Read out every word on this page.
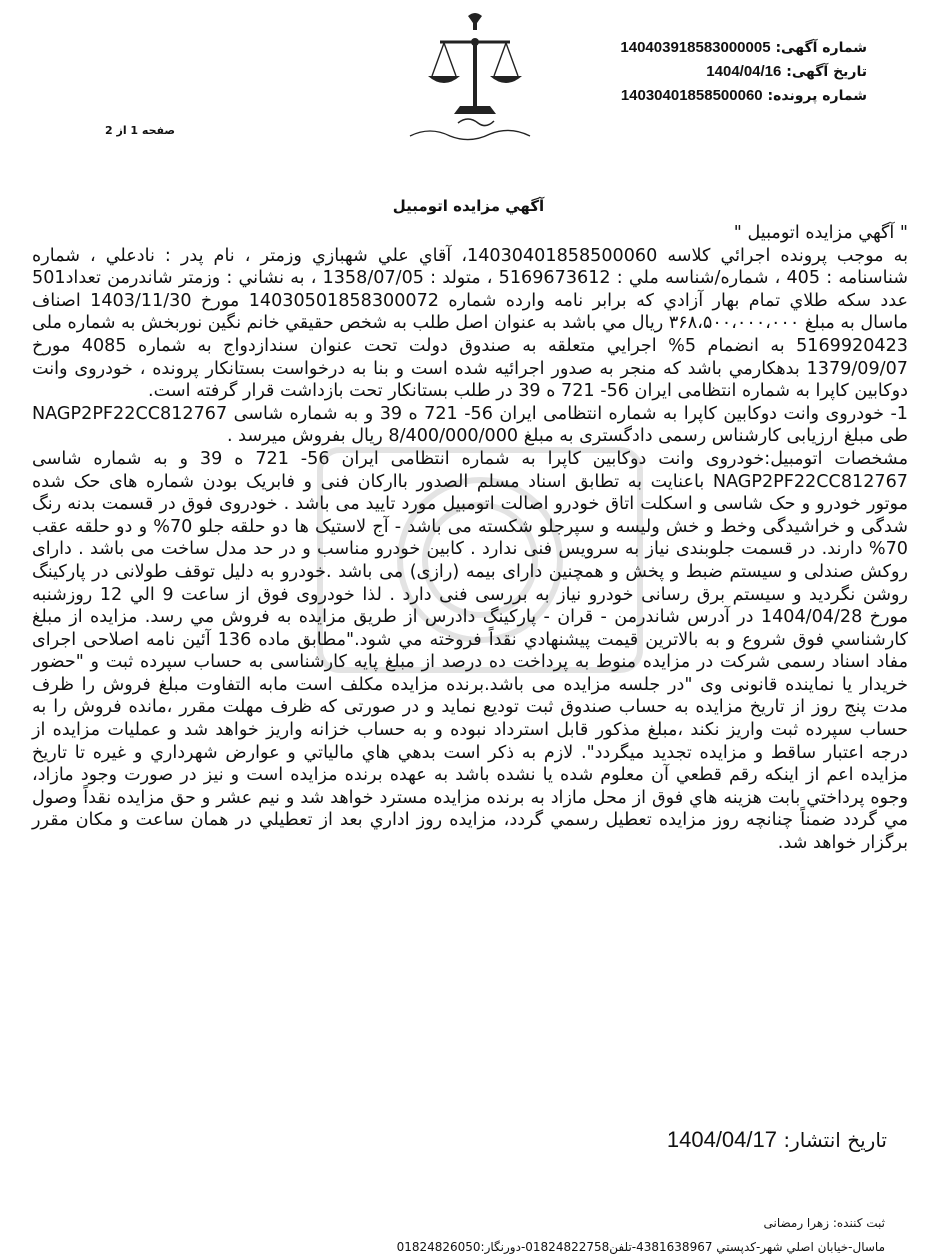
شماره آگهی: 140403918583000005
تاریخ آگهی: 1404/04/16
شماره پرونده: 14030401858500060
صفحه 1 از 2
آگهي مزايده اتومبيل

" آگهي مزايده اتومبيل "

به موجب پرونده اجرائي كلاسه 14030401858500060، آقاي علي شهبازي وزمتر ، نام پدر : نادعلي ، شماره شناسنامه : 405 ، شماره/شناسه ملي : 5169673612 ، متولد : 1358/07/05 ، به نشاني : وزمتر شاندرمن تعداد501 عدد سكه طلاي تمام بهار آزادي كه برابر نامه وارده شماره 14030501858300072 مورخ 1403/11/30 اصناف ماسال به مبلغ ۳۶۸،۵۰۰،۰۰۰،۰۰۰ ريال مي باشد به عنوان اصل طلب به شخص حقيقي خانم نگين نوربخش به شماره ملی 5169920423 به انضمام 5% اجرايي متعلقه به صندوق دولت تحت عنوان سندازدواج به شماره 4085 مورخ 1379/09/07 بدهكارمي باشد كه منجر به صدور اجرائيه شده است و بنا به درخواست بستانكار پرونده ، خودروی وانت دوكابين كاپرا به شماره انتظامی ایران 56- 721 ه 39 در طلب بستانكار تحت بازداشت قرار گرفته است.

1- خودروی وانت دوکابین کاپرا به شماره انتظامی ایران 56- 721 ه 39 و به شماره شاسی NAGP2PF22CC812767 طی مبلغ ارزیابی کارشناس رسمی دادگستری به مبلغ 8/400/000/000 ريال بفروش میرسد .

مشخصات اتومبيل:خودروی وانت دوکابین کاپرا به شماره انتظامی ایران 56- 721 ه 39 و به شماره شاسی NAGP2PF22CC812767 باعنایت به تطابق اسناد مسلم الصدور باارکان فنی و فابریک بودن شماره های حک شده موتور خودرو و حک شاسی و اسکلت اتاق خودرو اصالت اتومبیل مورد تایید می باشد . خودروی فوق در قسمت بدنه رنگ شدگی و خراشیدگی وخط و خش ولیسه و سپرجلو شکسته می باشد - آج لاستیک ها دو حلقه جلو 70% و دو حلقه عقب 70% دارند. در قسمت جلوبندی نیاز به سرویس فنی ندارد . کابین خودرو مناسب و در حد مدل ساخت می باشد . دارای روکش صندلی و سیستم ضبط و پخش و همچنین دارای بیمه (رازی) می باشد .خودرو به دلیل توقف طولانی در پارکینگ روشن نگردید و سیستم برق رسانی خودرو نیاز به بررسی فنی دارد . لذا خودروی فوق از ساعت 9 الي 12 روزشنبه مورخ 1404/04/28 در آدرس شاندرمن - قران - پارکینگ دادرس از طريق مزايده به فروش مي رسد. مزايده از مبلغ كارشناسي فوق شروع و به بالاترين قيمت پيشنهادي نقداً فروخته مي شود."مطابق ماده 136 آئین نامه اصلاحی اجرای مفاد اسناد رسمی شرکت در مزایده منوط به پرداخت ده درصد از مبلغ پایه کارشناسی به حساب سپرده ثبت و "حضور خریدار یا نماینده قانونی وی "در جلسه مزایده می باشد.برنده مزایده مکلف است مابه التفاوت مبلغ فروش را ظرف مدت پنج روز از تاریخ مزایده به حساب صندوق ثبت تودیع نماید و در صورتی که ظرف مهلت مقرر ،مانده فروش را به حساب سپرده ثبت واریز نکند ،مبلغ مذکور قابل استرداد نبوده و به حساب خزانه واریز خواهد شد و عملیات مزایده از درجه اعتبار ساقط و مزایده تجدید میگردد". لازم به ذكر است بدهي هاي مالياتي و عوارض شهرداري و غيره تا تاريخ مزايده اعم از اينكه رقم قطعي آن معلوم شده يا نشده باشد به عهده برنده مزايده است و نيز در صورت وجود مازاد، وجوه پرداختي بابت هزينه هاي فوق از محل مازاد به برنده مزايده مسترد خواهد شد و نيم عشر و حق مزايده نقداً وصول مي گردد ضمناً چنانچه روز مزايده تعطيل رسمي گردد، مزايده روز اداري بعد از تعطيلي در همان ساعت و مكان مقرر برگزار خواهد شد.

تاريخ انتشار: 1404/04/17
ثبت كننده: زهرا رمضانی
ماسال-خيابان اصلي شهر-كدپستي 4381638967-تلفن01824822758-دورنگار:01824826050
